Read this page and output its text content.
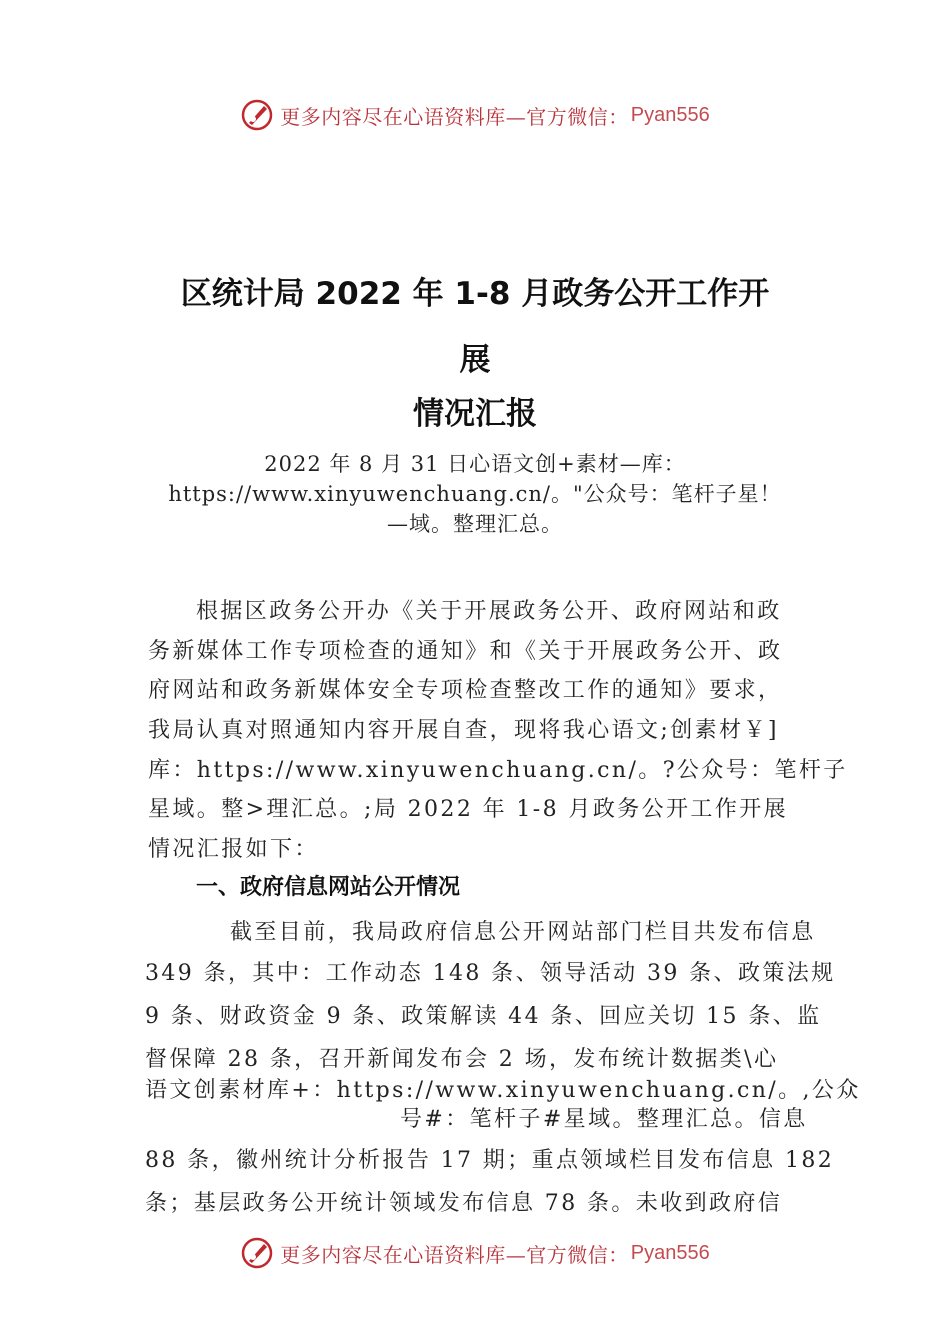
更多内容尽在心语资料库—官方微信： Pyan556
区统计局 2022 年 1-8 月政务公开工作开
展
情况汇报
2022 年 8 月 31 日心语文创+素材—库：
https://www.xinyuwenchuang.cn/。"公众号：笔杆子星！
—域。整理汇总。
根据区政务公开办《关于开展政务公开、政府网站和政
务新媒体工作专项检查的通知》和《关于开展政务公开、政
府网站和政务新媒体安全专项检查整改工作的通知》要求，
我局认真对照通知内容开展自查，现将我心语文;创素材￥]
库：https://www.xinyuwenchuang.cn/。?公众号：笔杆子
星域。整>理汇总。;局 2022 年 1-8 月政务公开工作开展
情况汇报如下：
一、政府信息网站公开情况
截至目前，我局政府信息公开网站部门栏目共发布信息
349 条，其中：工作动态 148 条、领导活动 39 条、政策法规
9 条、财政资金 9 条、政策解读 44 条、回应关切 15 条、监
督保障 28 条，召开新闻发布会 2 场，发布统计数据类\心
语文创素材库+：https://www.xinyuwenchuang.cn/。,公众
号#：笔杆子#星域。整理汇总。信息
88 条，徽州统计分析报告 17 期；重点领域栏目发布信息 182
条；基层政务公开统计领域发布信息 78 条。未收到政府信
更多内容尽在心语资料库—官方微信： Pyan556
